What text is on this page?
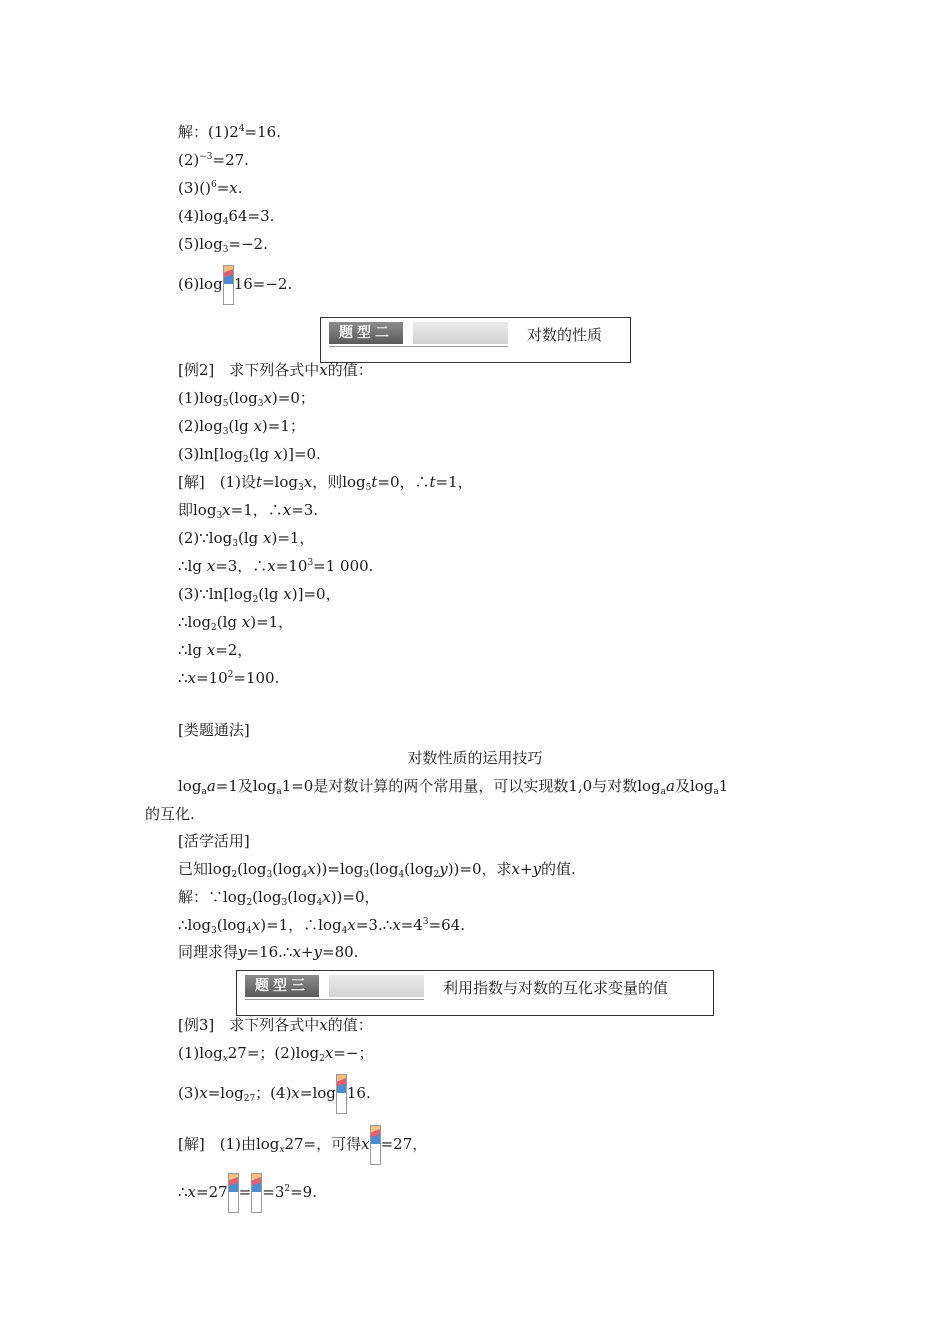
解：$(1)2^4=16$.
$(2)^{-3}=27$.
(3)()$^6$=x.
$(4)\log_464=3$.
$(5)\log_3=-2$.
(6)log 16=−2.
题型二	对数的性质
[例2]　求下列各式中x的值：
$(1)\log_5(\log_3x)=0$；
$(2)\log_3(\lg$ x)=1；
$(3)\ln[\log_2(\lg$ x)]=0.
[解]　(1)设$t=\log_3x$，则$\log_5t=0$，∴t=1，
即$\log_3x=1$，∴x=3.
$(2)\because\log_3(\lg$ x)=1，
∴lg x=3，$\therefore x=10^3=1$ 000.
$(3)\because\ln[\log_2(\lg$ x)]=0，
$\therefore\log_2(\lg$ x)=1，
∴lg x=2，
$\therefore x=10^2=100$.
[类题通法]
对数性质的运用技巧
$\log_aa=1$及$\log_a1=0$是对数计算的两个常用量，可以实现数1,0与对数$\log_aa$及$\log_a1$
的互化.
[活学活用]
已知$\log_2(\log_3(\log_4x))=\log_3(\log_4(\log_2y))=0$，求x+y的值.
解：$\because\log_2(\log_3(\log_4x))=0$，
$\therefore\log_3(\log_4x)=1$，$\therefore\log_4x=3.\therefore x=4^3=64$.
同理求得y=16.∴x+y=80.
题型三	利用指数与对数的互化求变量的值
[例3]　求下列各式中x的值：
$(1)\log_x27=$；$(2)\log_2x=-$；
$(3)x=\log_{27}$；(4)x=log 16.
[解]　(1)由$\log_x27=$，可得x =27，
∴x=27 = $=3^2=9$.
